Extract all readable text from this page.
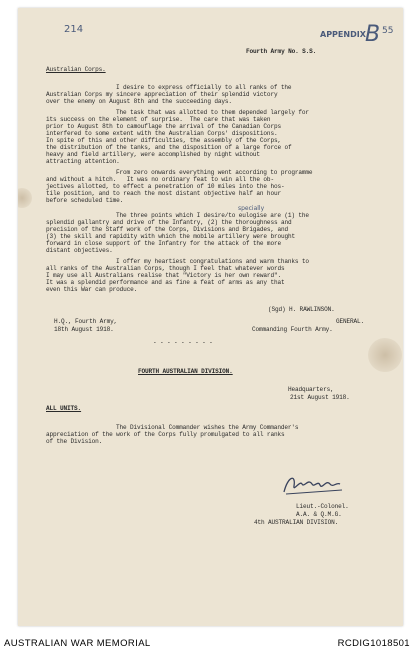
214	APPENDIX B 55
Fourth Army No. S.S.
Australian Corps.
I desire to express officially to all ranks of the
Australian Corps my sincere appreciation of their splendid victory
over the enemy on August 8th and the succeeding days.
The task that was allotted to them depended largely for
its success on the element of surprise.  The care that was taken
prior to August 8th to camouflage the arrival of the Canadian Corps
interfered to some extent with the Australian Corps' dispositions.
In spite of this and other difficulties, the assembly of the Corps,
the distribution of the tanks, and the disposition of a large force of
heavy and field artillery, were accomplished by night without
attracting attention.
From zero onwards everything went according to programme
and without a hitch.   It was no ordinary feat to win all the ob-
jectives allotted, to effect a penetration of 10 miles into the hos-
tile position, and to reach the most distant objective half an hour
before scheduled time.
specially
The three points which I desire/to eulogise are (1) the
splendid gallantry and drive of the Infantry, (2) the thoroughness and
precision of the Staff work of the Corps, Divisions and Brigades, and
(3) the skill and rapidity with which the mobile artillery were brought
forward in close support of the Infantry for the attack of the more
distant objectives.
I offer my heartiest congratulations and warm thanks to
all ranks of the Australian Corps, though I feel that whatever words
I may use all Australians realise that "Victory is her own reward".
It was a splendid performance and as fine a feat of arms as any that
even this War can produce.
(Sgd) H. RAWLINSON.
H.Q., Fourth Army,	GENERAL.
18th August 1918.	Commanding Fourth Army.
- - - - - - - - -
FOURTH AUSTRALIAN DIVISION.
Headquarters,
21st August 1918.
ALL UNITS.
The Divisional Commander wishes the Army Commander's
appreciation of the work of the Corps fully promulgated to all ranks
of the Division.
Lieut.-Colonel.
A.A. & Q.M.G.
4th AUSTRALIAN DIVISION.
AUSTRALIAN WAR MEMORIAL	RCDIG1018501
